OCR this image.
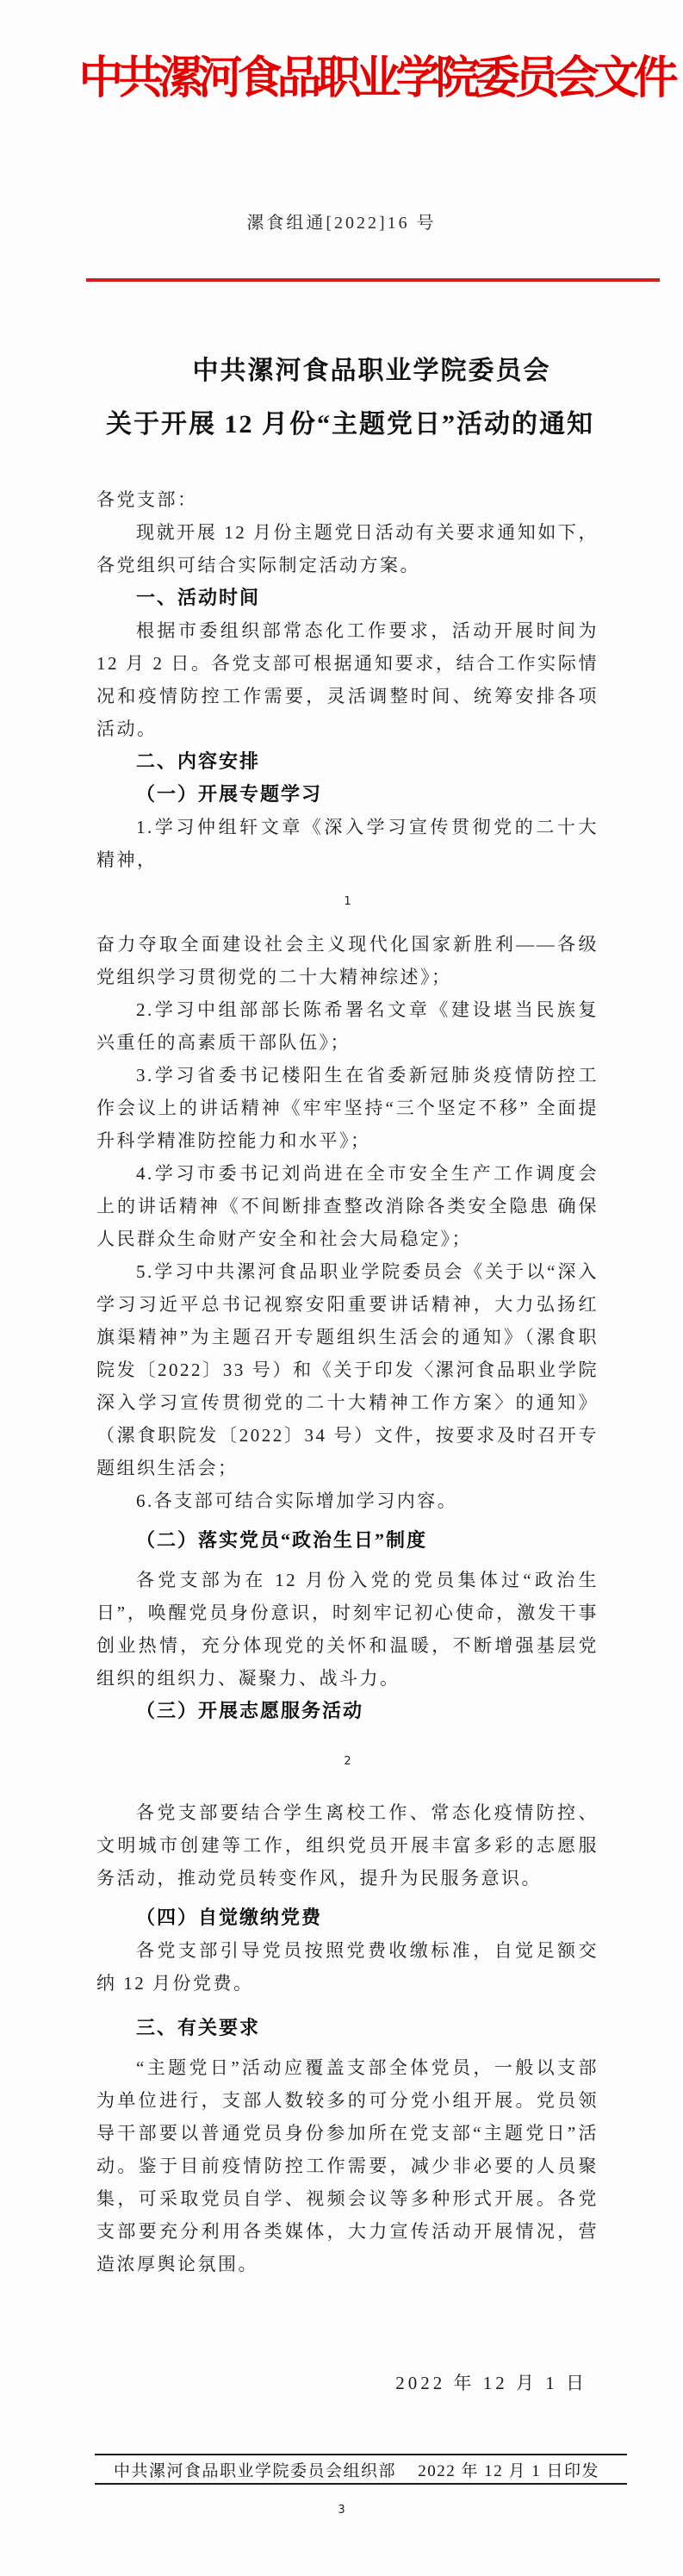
中共漯河食品职业学院委员会文件
漯食组通[2022]16 号
中共漯河食品职业学院委员会
关于开展 12 月份“主题党日”活动的通知

各党支部：

现就开展 12 月份主题党日活动有关要求通知如下，各党组织可结合实际制定活动方案。

一、活动时间

根据市委组织部常态化工作要求，活动开展时间为 12 月 2 日。各党支部可根据通知要求，结合工作实际情况和疫情防控工作需要，灵活调整时间、统筹安排各项活动。

二、内容安排
（一）开展专题学习

1.学习仲组轩文章《深入学习宣传贯彻党的二十大精神，

1

奋力夺取全面建设社会主义现代化国家新胜利——各级党组织学习贯彻党的二十大精神综述》；

2.学习中组部部长陈希署名文章《建设堪当民族复兴重任的高素质干部队伍》；

3.学习省委书记楼阳生在省委新冠肺炎疫情防控工作会议上的讲话精神《牢牢坚持“三个坚定不移” 全面提升科学精准防控能力和水平》；

4.学习市委书记刘尚进在全市安全生产工作调度会上的讲话精神《不间断排查整改消除各类安全隐患 确保人民群众生命财产安全和社会大局稳定》；

5.学习中共漯河食品职业学院委员会《关于以“深入学习习近平总书记视察安阳重要讲话精神，大力弘扬红旗渠精神”为主题召开专题组织生活会的通知》（漯食职院发〔2022〕33 号）和《关于印发〈漯河食品职业学院深入学习宣传贯彻党的二十大精神工作方案〉的通知》（漯食职院发〔2022〕34 号）文件，按要求及时召开专题组织生活会；

6.各支部可结合实际增加学习内容。

（二）落实党员“政治生日”制度

各党支部为在 12 月份入党的党员集体过“政治生日”，唤醒党员身份意识，时刻牢记初心使命，激发干事创业热情，充分体现党的关怀和温暖，不断增强基层党组织的组织力、凝聚力、战斗力。

（三）开展志愿服务活动
2

各党支部要结合学生离校工作、常态化疫情防控、文明城市创建等工作，组织党员开展丰富多彩的志愿服务活动，推动党员转变作风，提升为民服务意识。

（四）自觉缴纳党费

各党支部引导党员按照党费收缴标准，自觉足额交纳 12 月份党费。

三、有关要求

“主题党日”活动应覆盖支部全体党员，一般以支部为单位进行，支部人数较多的可分党小组开展。党员领导干部要以普通党员身份参加所在党支部“主题党日”活动。鉴于目前疫情防控工作需要，减少非必要的人员聚集，可采取党员自学、视频会议等多种形式开展。各党支部要充分利用各类媒体，大力宣传活动开展情况，营造浓厚舆论氛围。

2022 年 12 月 1 日

中共漯河食品职业学院委员会组织部 2022 年 12 月 1 日印发
3
